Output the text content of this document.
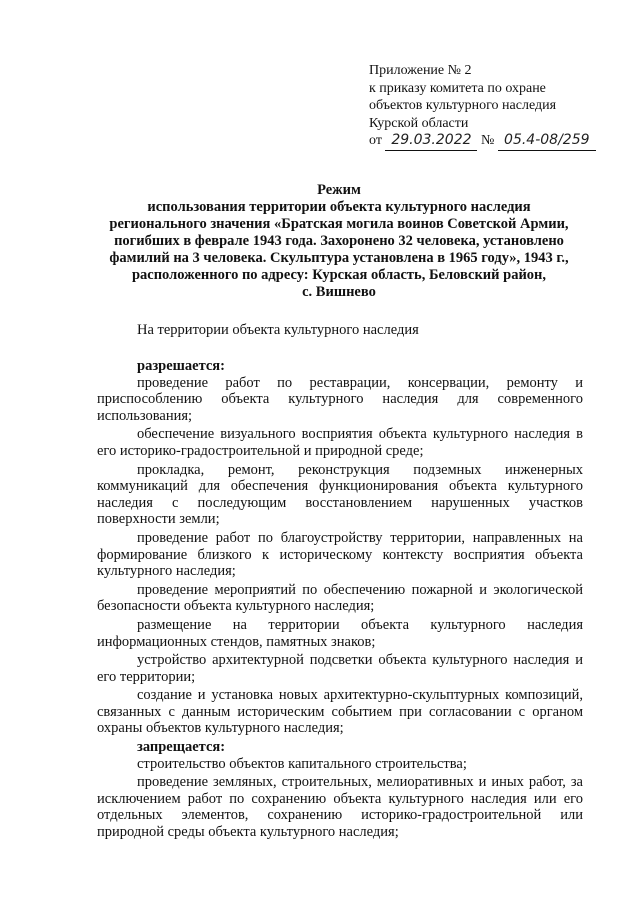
Приложение № 2
к приказу комитета по охране
объектов культурного наследия
Курской области
от 29.03.2022 № 05.4-08/259
Режим
использования территории объекта культурного наследия
регионального значения «Братская могила воинов Советской Армии,
погибших в феврале 1943 года. Захоронено 32 человека, установлено
фамилий на 3 человека. Скульптура установлена в 1965 году», 1943 г.,
расположенного по адресу: Курская область, Беловский район,
с. Вишнево
На территории объекта культурного наследия
разрешается:
проведение работ по реставрации, консервации, ремонту и приспособлению объекта культурного наследия для современного использования;
обеспечение визуального восприятия объекта культурного наследия в его историко-градостроительной и природной среде;
прокладка, ремонт, реконструкция подземных инженерных коммуникаций для обеспечения функционирования объекта культурного наследия с последующим восстановлением нарушенных участков поверхности земли;
проведение работ по благоустройству территории, направленных на формирование близкого к историческому контексту восприятия объекта культурного наследия;
проведение мероприятий по обеспечению пожарной и экологической безопасности объекта культурного наследия;
размещение на территории объекта культурного наследия информационных стендов, памятных знаков;
устройство архитектурной подсветки объекта культурного наследия и его территории;
создание и установка новых архитектурно-скульптурных композиций, связанных с данным историческим событием при согласовании с органом охраны объектов культурного наследия;
запрещается:
строительство объектов капитального строительства;
проведение земляных, строительных, мелиоративных и иных работ, за исключением работ по сохранению объекта культурного наследия или его отдельных элементов, сохранению историко-градостроительной или природной среды объекта культурного наследия;
